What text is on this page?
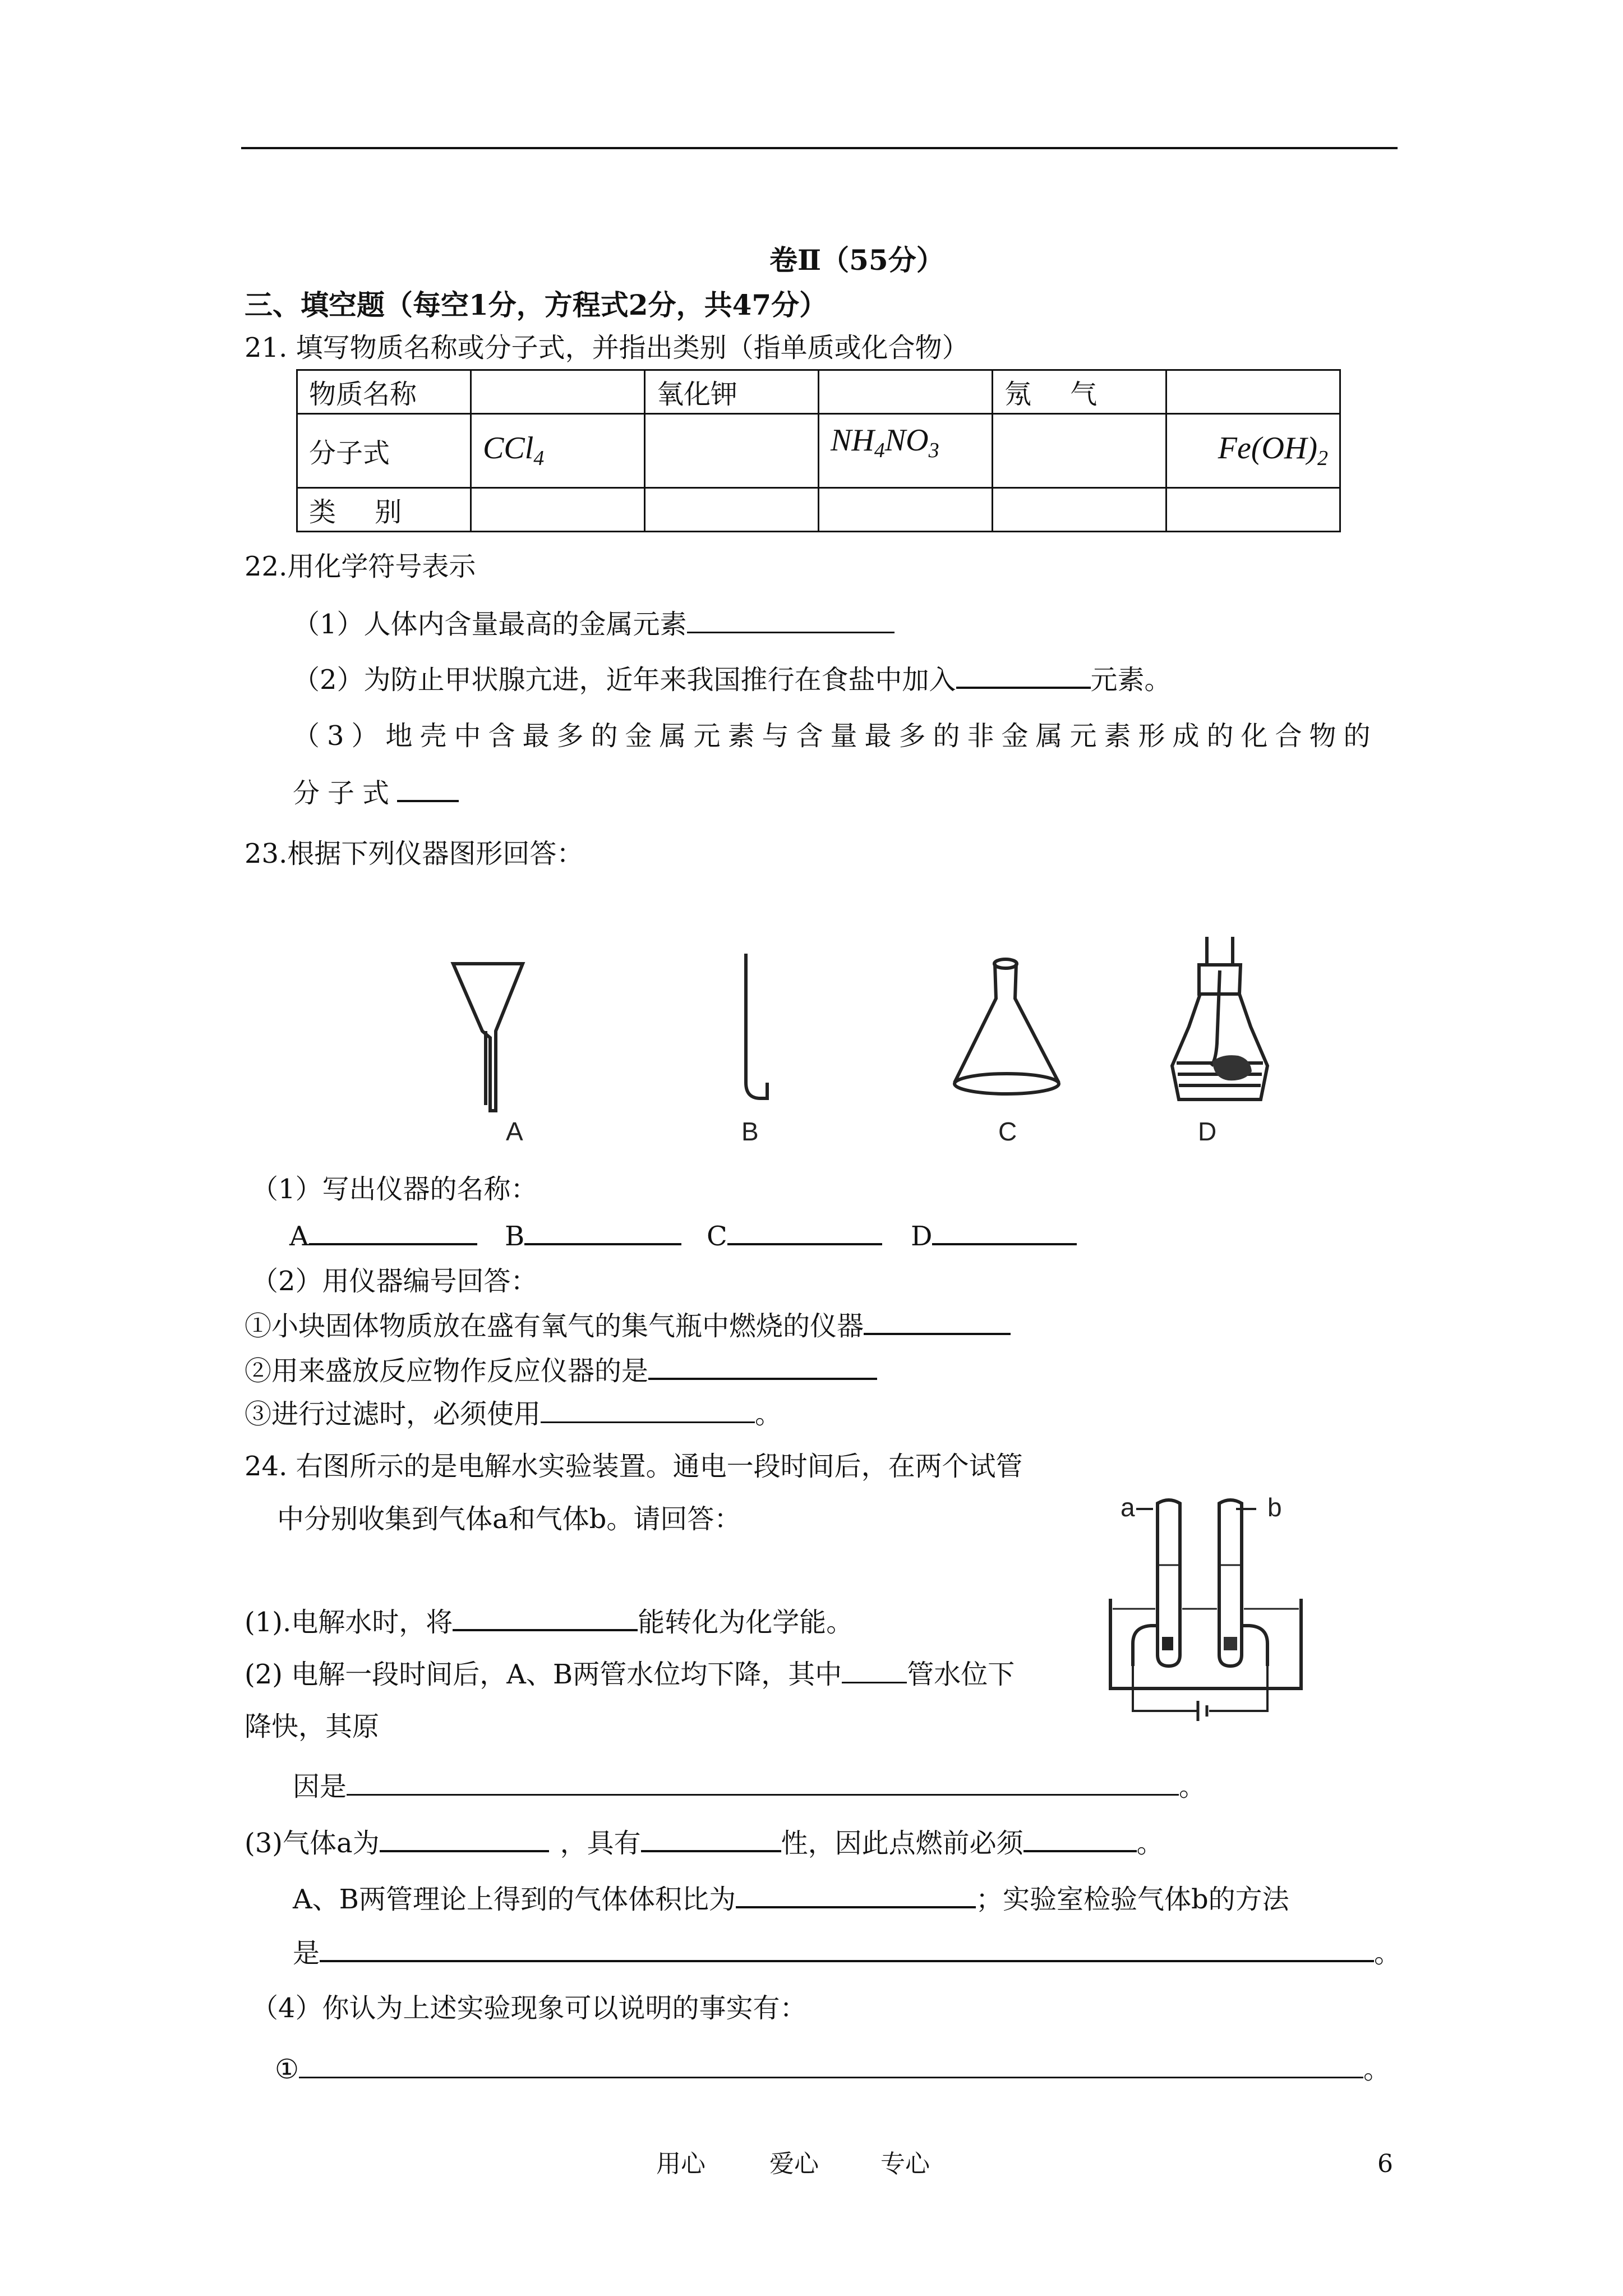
卷Ⅱ（55分）
三、填空题（每空1分，方程式2分，共47分）
21. 填写物质名称或分子式，并指出类别（指单质或化合物）
物质名称		氧化钾		氖 气	
分子式	CCl$_4$		$NH_4NO_3$		$Fe(OH)_2$
类 别					
22.用化学符号表示
（1）人体内含量最高的金属元素
（2）为防止甲状腺亢进，近年来我国推行在食盐中加入	元素。
（3）地壳中含最多的金属元素与含量最多的非金属元素形成的化合物的
分子式
23.根据下列仪器图形回答：
A	B	C	D
（1）写出仪器的名称：
A	B	C	D
（2）用仪器编号回答：
①小块固体物质放在盛有氧气的集气瓶中燃烧的仪器
②用来盛放反应物作反应仪器的是
③进行过滤时，必须使用	。
24. 右图所示的是电解水实验装置。通电一段时间后，在两个试管
中分别收集到气体a和气体b。请回答：	a	b
(1).电解水时，将	能转化为化学能。
(2) 电解一段时间后，A、B两管水位均下降，其中 管水位下
降快，其原
因是	。
(3)气体a为	，具有	性，因此点燃前必须	。
A、B两管理论上得到的气体体积比为	；实验室检验气体b的方法
是	。
（4）你认为上述实验现象可以说明的事实有：
①	。
用心	爱心	专心	6
